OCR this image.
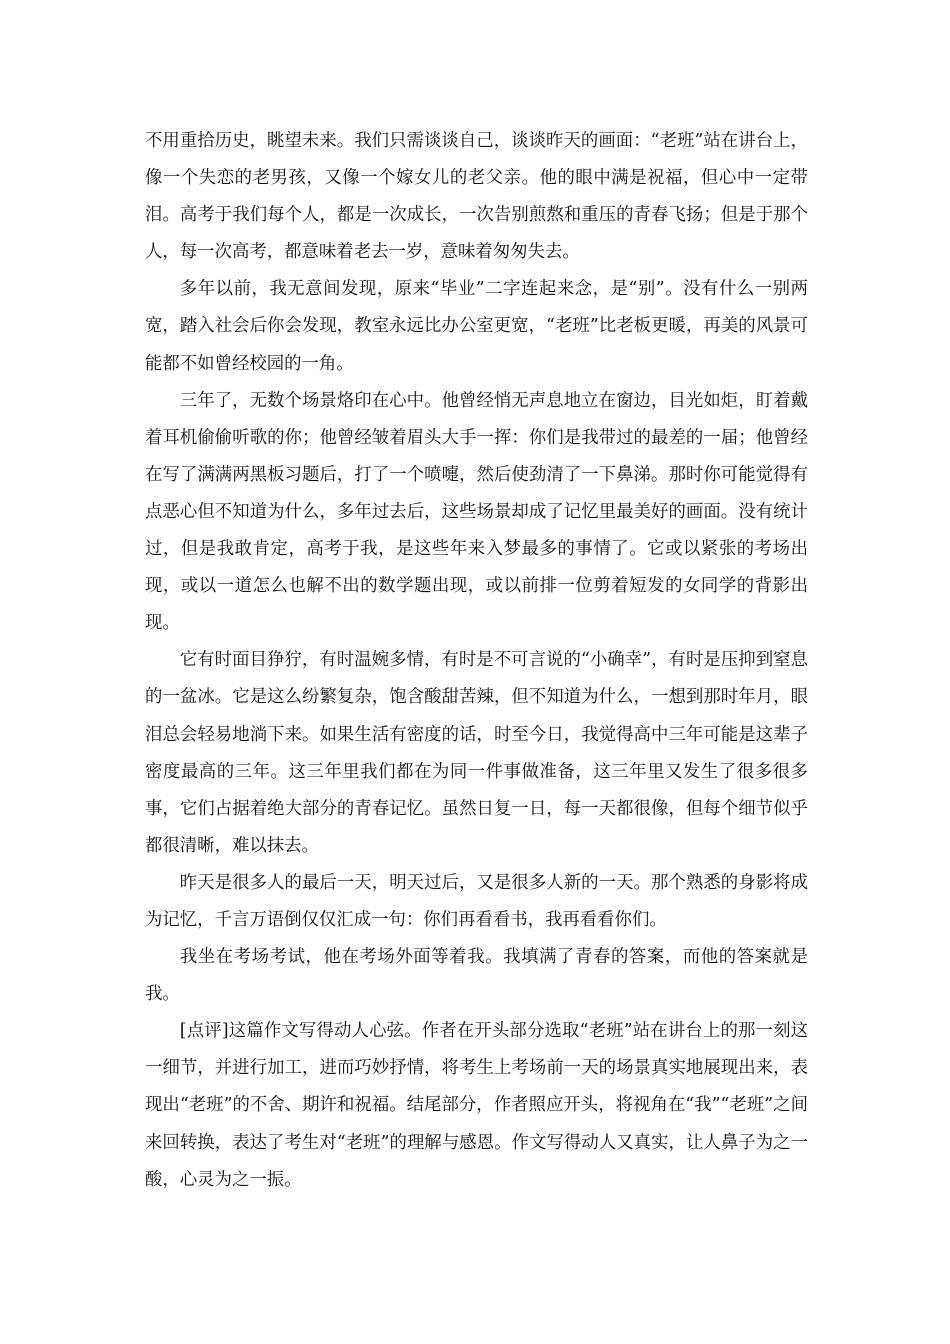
不用重拾历史，眺望未来。我们只需谈谈自己，谈谈昨天的画面：“老班”站在讲台上，像一个失恋的老男孩，又像一个嫁女儿的老父亲。他的眼中满是祝福，但心中一定带泪。高考于我们每个人，都是一次成长，一次告别煎熬和重压的青春飞扬；但是于那个人，每一次高考，都意味着老去一岁，意味着匆匆失去。

多年以前，我无意间发现，原来“毕业”二字连起来念，是“别”。没有什么一别两宽，踏入社会后你会发现，教室永远比办公室更宽，“老班”比老板更暖，再美的风景可能都不如曾经校园的一角。

三年了，无数个场景烙印在心中。他曾经悄无声息地立在窗边，目光如炬，盯着戴着耳机偷偷听歌的你；他曾经皱着眉头大手一挥：你们是我带过的最差的一届；他曾经在写了满满两黑板习题后，打了一个喷嚏，然后使劲清了一下鼻涕。那时你可能觉得有点恶心但不知道为什么，多年过去后，这些场景却成了记忆里最美好的画面。没有统计过，但是我敢肯定，高考于我，是这些年来入梦最多的事情了。它或以紧张的考场出现，或以一道怎么也解不出的数学题出现，或以前排一位剪着短发的女同学的背影出现。

它有时面目狰狞，有时温婉多情，有时是不可言说的“小确幸”，有时是压抑到窒息的一盆冰。它是这么纷繁复杂，饱含酸甜苦辣，但不知道为什么，一想到那时年月，眼泪总会轻易地淌下来。如果生活有密度的话，时至今日，我觉得高中三年可能是这辈子密度最高的三年。这三年里我们都在为同一件事做准备，这三年里又发生了很多很多事，它们占据着绝大部分的青春记忆。虽然日复一日，每一天都很像，但每个细节似乎都很清晰，难以抹去。

昨天是很多人的最后一天，明天过后，又是很多人新的一天。那个熟悉的身影将成为记忆，千言万语倒仅仅汇成一句：你们再看看书，我再看看你们。

我坐在考场考试，他在考场外面等着我。我填满了青春的答案，而他的答案就是我。

[点评]这篇作文写得动人心弦。作者在开头部分选取“老班”站在讲台上的那一刻这一细节，并进行加工，进而巧妙抒情，将考生上考场前一天的场景真实地展现出来，表现出“老班”的不舍、期许和祝福。结尾部分，作者照应开头，将视角在“我”“老班”之间来回转换，表达了考生对“老班”的理解与感恩。作文写得动人又真实，让人鼻子为之一酸，心灵为之一振。
